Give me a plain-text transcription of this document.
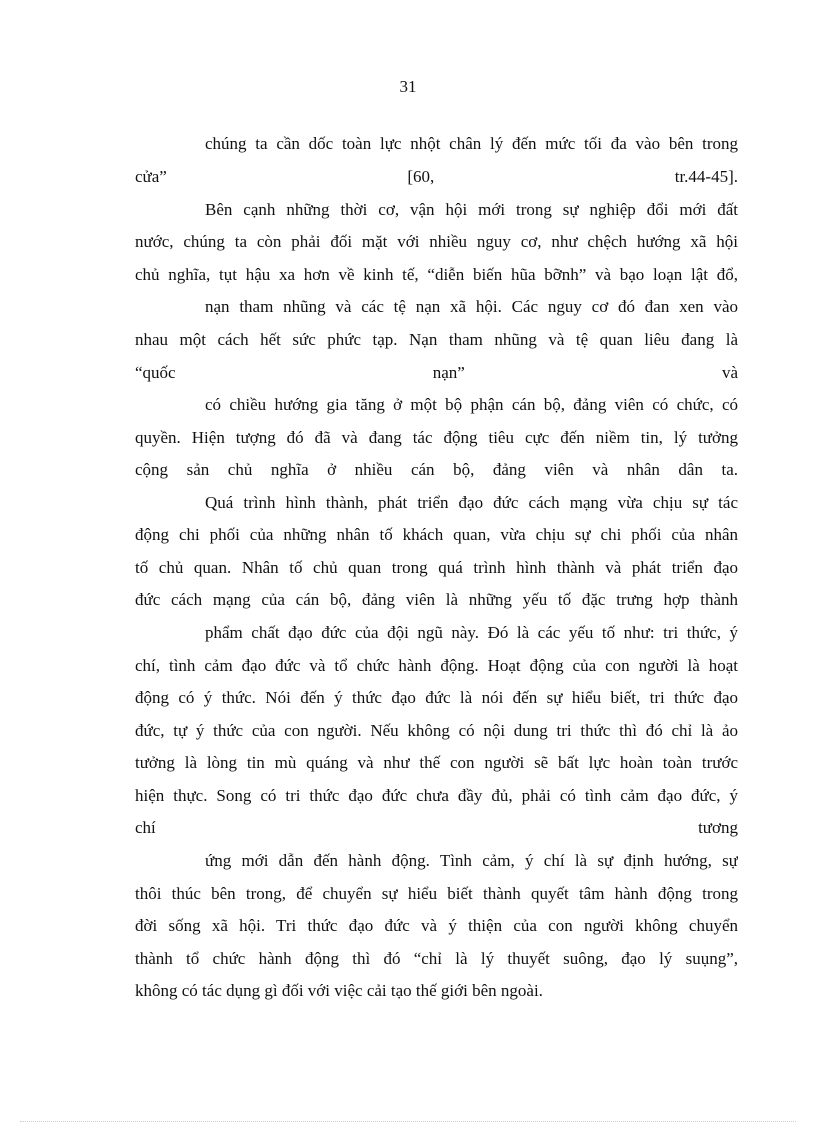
31
chúng ta cần dốc toàn lực nhột chân lý đến mức tối đa vào bên trong
cửa” [60, tr.44-45].
Bên cạnh những thời cơ, vận hội mới trong sự nghiệp đổi mới đất
nước, chúng ta còn phải đối mặt với nhiều nguy cơ, như chệch hướng xã hội
chủ nghĩa, tụt hậu xa hơn về kinh tế, “diễn biến hũa bỡnh” và bạo loạn lật đổ,
nạn tham nhũng và các tệ nạn xã hội. Các nguy cơ đó đan xen vào
nhau một cách hết sức phức tạp. Nạn tham nhũng và tệ quan liêu đang là
“quốc nạn” và
có chiều hướng gia tăng ở một bộ phận cán bộ, đảng viên có chức, có
quyền. Hiện tượng đó đã và đang tác động tiêu cực đến niềm tin, lý tưởng
cộng sản chủ nghĩa ở nhiều cán bộ, đảng viên và nhân dân ta.
Quá trình hình thành, phát triển đạo đức cách mạng vừa chịu sự tác
động chi phối của những nhân tố khách quan, vừa chịu sự chi phối của nhân
tố chủ quan. Nhân tố chủ quan trong quá trình hình thành và phát triển đạo
đức cách mạng của cán bộ, đảng viên là những yếu tố đặc trưng hợp thành
phẩm chất đạo đức của đội ngũ này. Đó là các yếu tố như: tri thức, ý
chí, tình cảm đạo đức và tổ chức hành động. Hoạt động của con người là hoạt
động có ý thức. Nói đến ý thức đạo đức là nói đến sự hiểu biết, tri thức đạo
đức, tự ý thức của con người. Nếu không có nội dung tri thức thì đó chỉ là ảo
tưởng là lòng tin mù quáng và như thế con người sẽ bất lực hoàn toàn trước
hiện thực. Song có tri thức đạo đức chưa đầy đủ, phải có tình cảm đạo đức, ý
chí tương
ứng mới dẫn đến hành động. Tình cảm, ý chí là sự định hướng, sự
thôi thúc bên trong, để chuyển sự hiểu biết thành quyết tâm hành động trong
đời sống xã hội. Tri thức đạo đức và ý thiện của con người không chuyển
thành tổ chức hành động thì đó “chỉ là lý thuyết suông, đạo lý suụng”,
không có tác dụng gì đối với việc cải tạo thế giới bên ngoài.
